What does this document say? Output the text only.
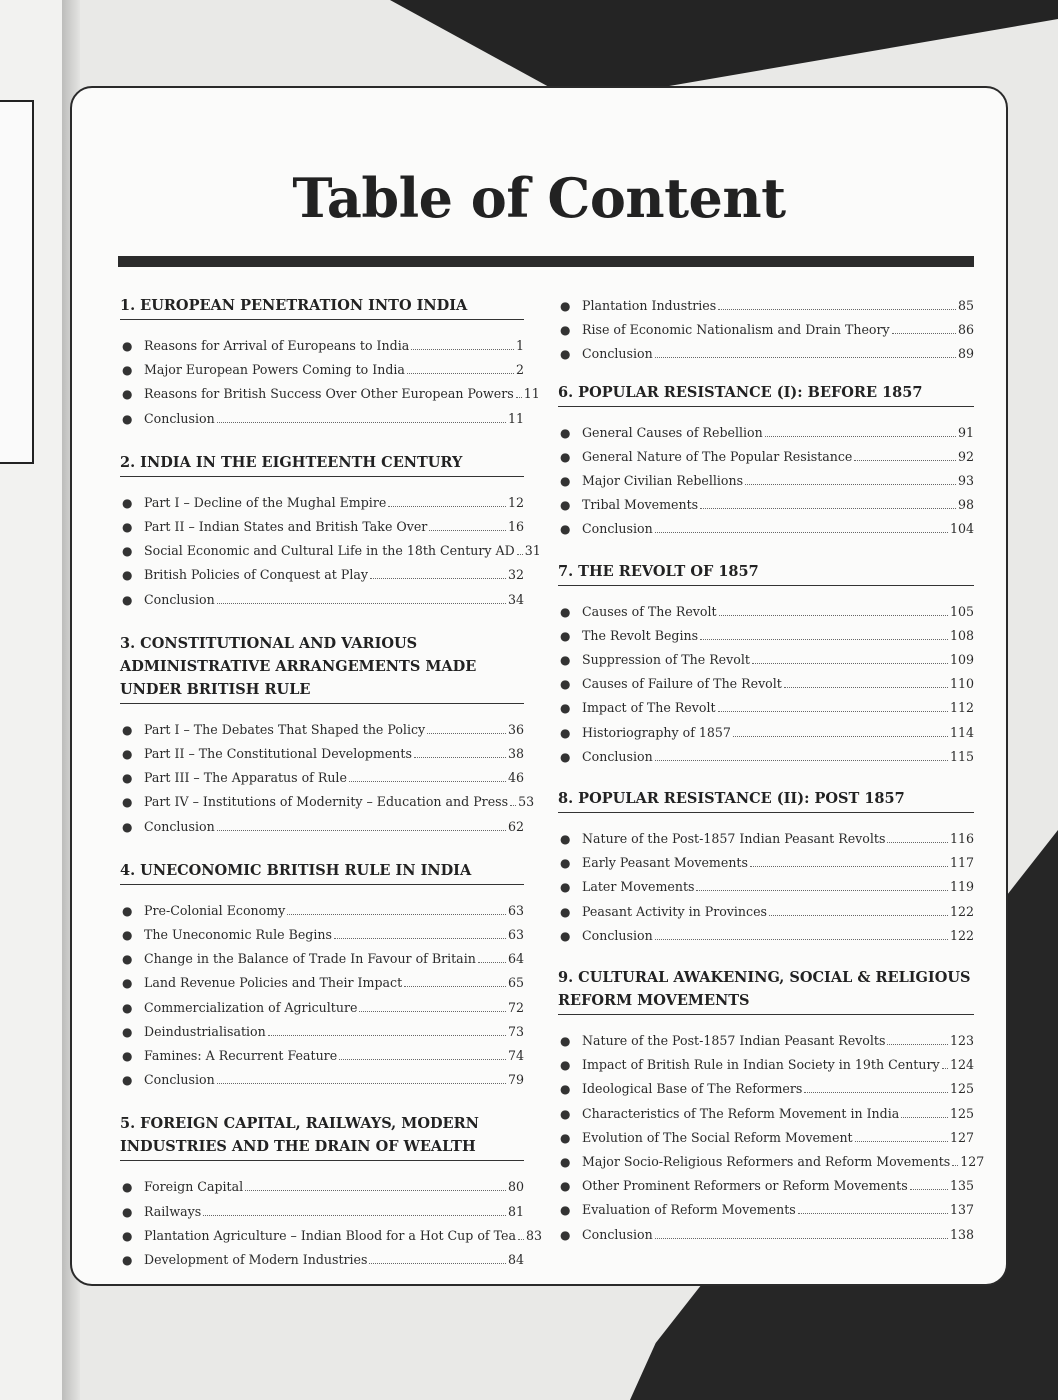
Table of Content
1. EUROPEAN PENETRATION INTO INDIA
● Reasons for Arrival of Europeans to India	1
● Major European Powers Coming to India	2
● Reasons for British Success Over Other European Powers 11
● Conclusion	11
2. INDIA IN THE EIGHTEENTH CENTURY
● Part I – Decline of the Mughal Empire	12
● Part II – Indian States and British Take Over	16
● Social Economic and Cultural Life in the 18th Century AD 31
● British Policies of Conquest at Play	32
● Conclusion	34
3. CONSTITUTIONAL AND VARIOUS ADMINISTRATIVE ARRANGEMENTS MADE UNDER BRITISH RULE
● Part I – The Debates That Shaped the Policy	36
● Part II – The Constitutional Developments	38
● Part III – The Apparatus of Rule	46
● Part IV – Institutions of Modernity – Education and Press 53
● Conclusion	62
4. UNECONOMIC BRITISH RULE IN INDIA
● Pre-Colonial Economy	63
● The Uneconomic Rule Begins	63
● Change in the Balance of Trade In Favour of Britain	64
● Land Revenue Policies and Their Impact	65
● Commercialization of Agriculture	72
● Deindustrialisation	73
● Famines: A Recurrent Feature	74
● Conclusion	79
5. FOREIGN CAPITAL, RAILWAYS, MODERN INDUSTRIES AND THE DRAIN OF WEALTH
● Foreign Capital	80
● Railways	81
● Plantation Agriculture – Indian Blood for a Hot Cup of Tea 83
● Development of Modern Industries	84
● Plantation Industries	85
● Rise of Economic Nationalism and Drain Theory	86
● Conclusion	89
6. POPULAR RESISTANCE (I): BEFORE 1857
● General Causes of Rebellion	91
● General Nature of The Popular Resistance	92
● Major Civilian Rebellions	93
● Tribal Movements	98
● Conclusion	104
7. THE REVOLT OF 1857
● Causes of The Revolt	105
● The Revolt Begins	108
● Suppression of The Revolt	109
● Causes of Failure of The Revolt	110
● Impact of The Revolt	112
● Historiography of 1857	114
● Conclusion	115
8. POPULAR RESISTANCE (II): POST 1857
● Nature of the Post-1857 Indian Peasant Revolts	116
● Early Peasant Movements	117
● Later Movements	119
● Peasant Activity in Provinces	122
● Conclusion	122
9. CULTURAL AWAKENING, SOCIAL & RELIGIOUS REFORM MOVEMENTS
● Nature of the Post-1857 Indian Peasant Revolts	123
● Impact of British Rule in Indian Society in 19th Century 124
● Ideological Base of The Reformers	125
● Characteristics of The Reform Movement in India	125
● Evolution of The Social Reform Movement	127
● Major Socio-Religious Reformers and Reform Movements 127
● Other Prominent Reformers or Reform Movements	135
● Evaluation of Reform Movements	137
● Conclusion	138
